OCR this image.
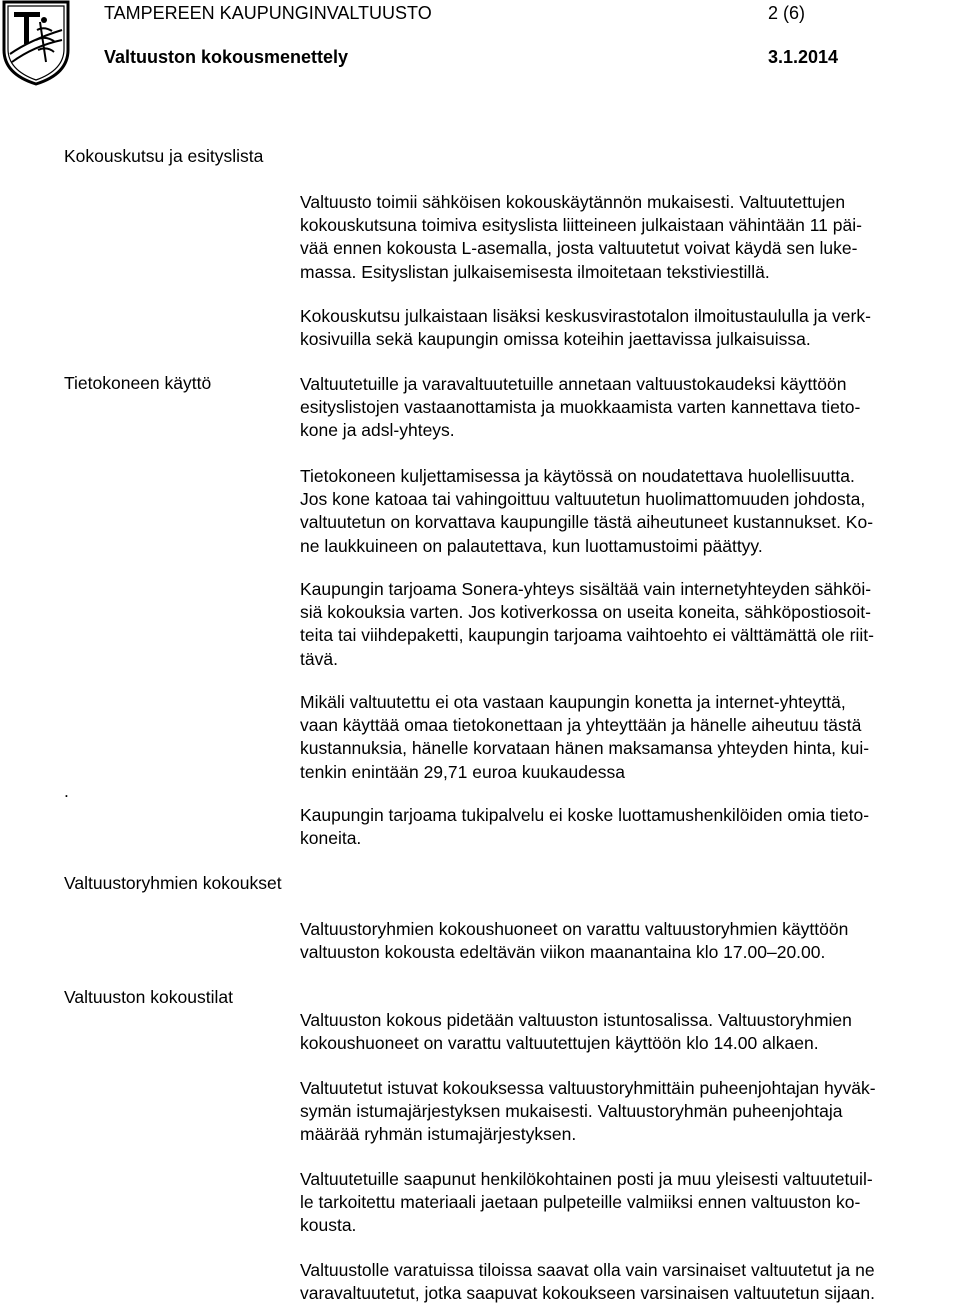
TAMPEREEN KAUPUNGINVALTUUSTO	2 (6)
Valtuuston kokousmenettely	3.1.2014
Kokouskutsu ja esityslista
Tietokoneen käyttö
.
Valtuustoryhmien kokoukset
Valtuuston kokoustilat
Valtuusto toimii sähköisen kokouskäytännön mukaisesti. Valtuutettujen
kokouskutsuna toimiva esityslista liitteineen julkaistaan vähintään 11 päi-
vää ennen kokousta L-asemalla, josta valtuutetut voivat käydä sen luke-
massa. Esityslistan julkaisemisesta ilmoitetaan tekstiviestillä.
Kokouskutsu julkaistaan lisäksi keskusvirastotalon ilmoitustaululla ja verk-
kosivuilla sekä kaupungin omissa koteihin jaettavissa julkaisuissa.
Valtuutetuille ja varavaltuutetuille annetaan valtuustokaudeksi käyttöön
esityslistojen vastaanottamista ja muokkaamista varten kannettava tieto-
kone ja adsl-yhteys.
Tietokoneen kuljettamisessa ja käytössä on noudatettava huolellisuutta.
Jos kone katoaa tai vahingoittuu valtuutetun huolimattomuuden johdosta,
valtuutetun on korvattava kaupungille tästä aiheutuneet kustannukset. Ko-
ne laukkuineen on palautettava, kun luottamustoimi päättyy.
Kaupungin tarjoama Sonera-yhteys sisältää vain internetyhteyden sähköi-
siä kokouksia varten. Jos kotiverkossa on useita koneita, sähköpostiosoit-
teita tai viihdepaketti, kaupungin tarjoama vaihtoehto ei välttämättä ole riit-
tävä.
Mikäli valtuutettu ei ota vastaan kaupungin konetta ja internet-yhteyttä,
vaan käyttää omaa tietokonettaan ja yhteyttään ja hänelle aiheutuu tästä
kustannuksia, hänelle korvataan hänen maksamansa yhteyden hinta, kui-
tenkin enintään 29,71 euroa kuukaudessa
Kaupungin tarjoama tukipalvelu ei koske luottamushenkilöiden omia tieto-
koneita.
Valtuustoryhmien kokoushuoneet on varattu valtuustoryhmien käyttöön
valtuuston kokousta edeltävän viikon maanantaina klo 17.00–20.00.
Valtuuston kokous pidetään valtuuston istuntosalissa. Valtuustoryhmien
kokoushuoneet on varattu valtuutettujen käyttöön klo 14.00 alkaen.
Valtuutetut istuvat kokouksessa valtuustoryhmittäin puheenjohtajan hyväk-
symän istumajärjestyksen mukaisesti. Valtuustoryhmän puheenjohtaja
määrää ryhmän istumajärjestyksen.
Valtuutetuille saapunut henkilökohtainen posti ja muu yleisesti valtuutetuil-
le tarkoitettu materiaali jaetaan pulpeteille valmiiksi ennen valtuuston ko-
kousta.
Valtuustolle varatuissa tiloissa saavat olla vain varsinaiset valtuutetut ja ne
varavaltuutetut, jotka saapuvat kokoukseen varsinaisen valtuutetun sijaan.
